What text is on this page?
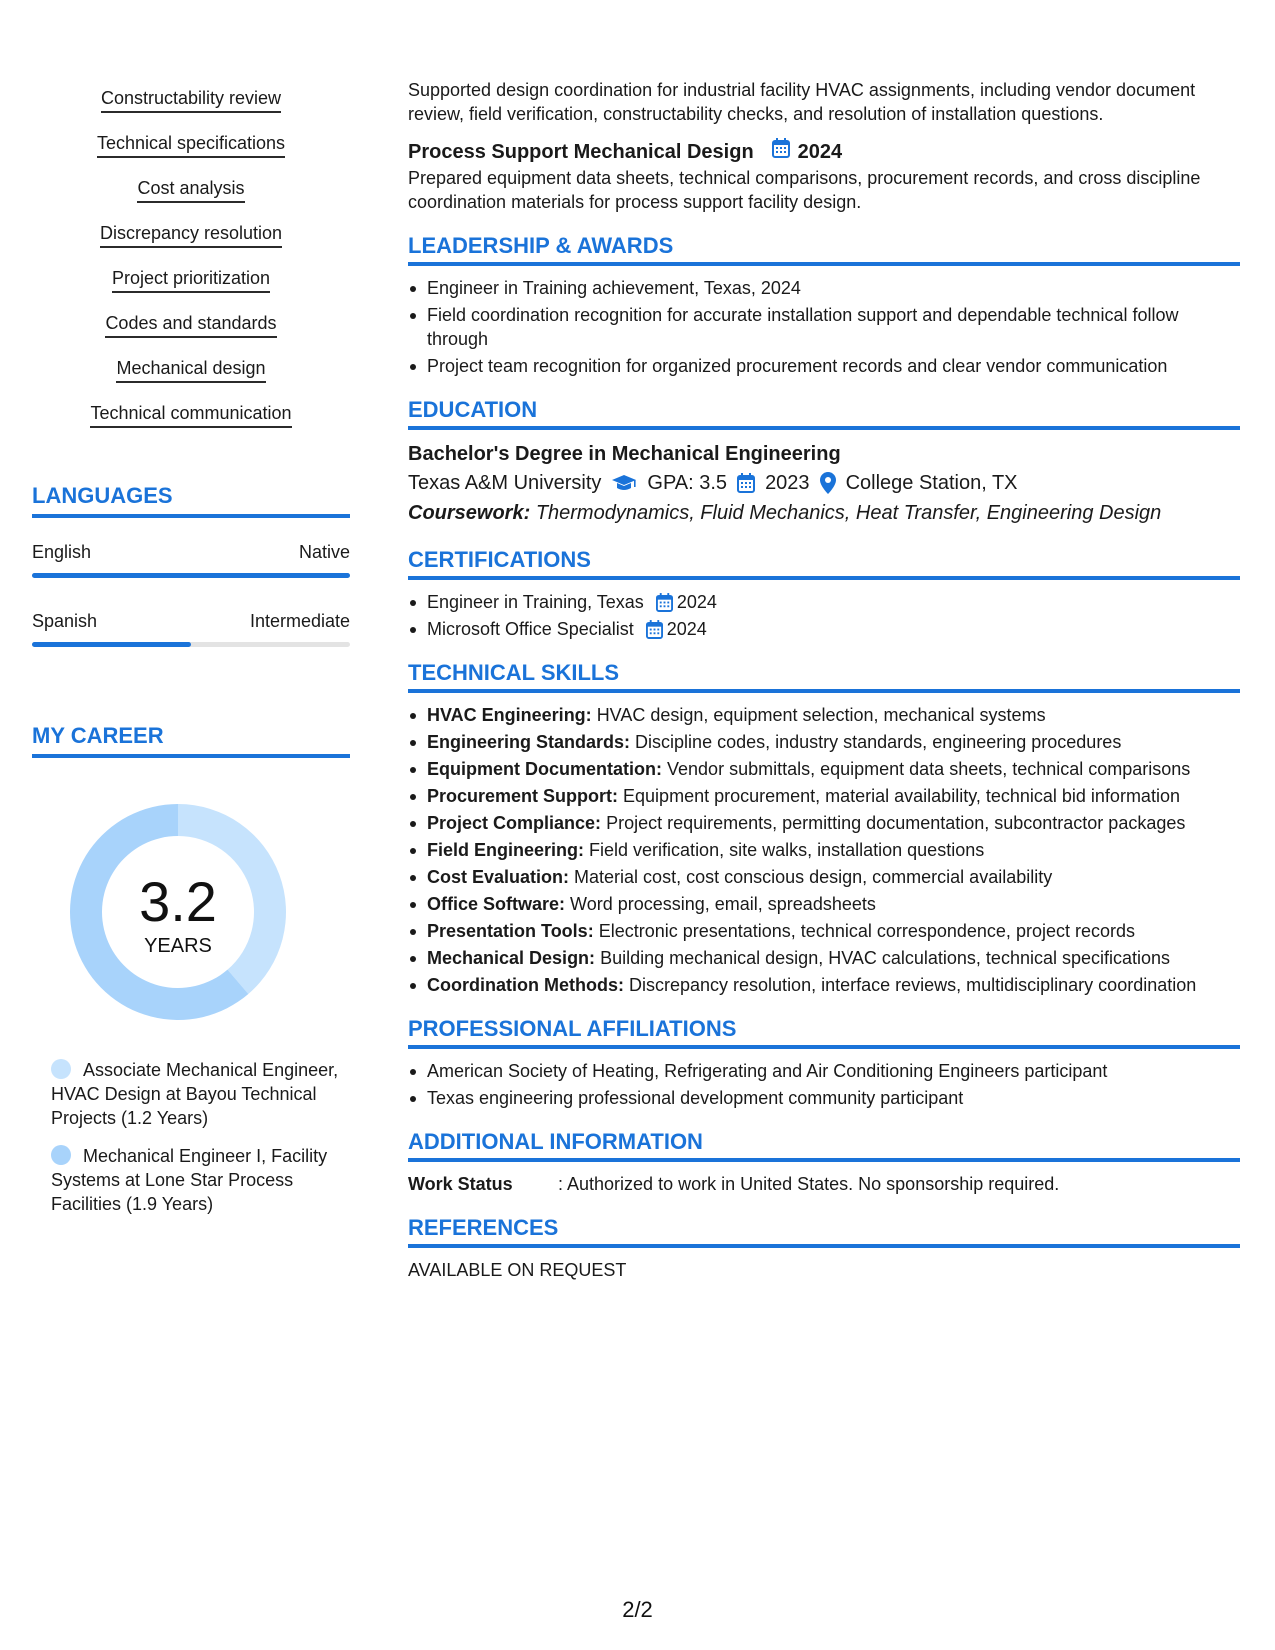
Constructability review
Technical specifications
Cost analysis
Discrepancy resolution
Project prioritization
Codes and standards
Mechanical design
Technical communication
LANGUAGES
English	Native
Spanish	Intermediate
MY CAREER
3.2
YEARS
Associate Mechanical Engineer, HVAC Design at Bayou Technical Projects (1.2 Years)
Mechanical Engineer I, Facility Systems at Lone Star Process Facilities (1.9 Years)

Supported design coordination for industrial facility HVAC assignments, including vendor document review, field verification, constructability checks, and resolution of installation questions.

Process Support Mechanical Design 2024

Prepared equipment data sheets, technical comparisons, procurement records, and cross discipline coordination materials for process support facility design.

LEADERSHIP & AWARDS
Engineer in Training achievement, Texas, 2024
Field coordination recognition for accurate installation support and dependable technical follow through
Project team recognition for organized procurement records and clear vendor communication
EDUCATION
Bachelor's Degree in Mechanical Engineering
Texas A&M University GPA: 3.5 2023 College Station, TX
Coursework: Thermodynamics, Fluid Mechanics, Heat Transfer, Engineering Design
CERTIFICATIONS
Engineer in Training, Texas 2024
Microsoft Office Specialist 2024
TECHNICAL SKILLS
HVAC Engineering: HVAC design, equipment selection, mechanical systems
Engineering Standards: Discipline codes, industry standards, engineering procedures
Equipment Documentation: Vendor submittals, equipment data sheets, technical comparisons
Procurement Support: Equipment procurement, material availability, technical bid information
Project Compliance: Project requirements, permitting documentation, subcontractor packages
Field Engineering: Field verification, site walks, installation questions
Cost Evaluation: Material cost, cost conscious design, commercial availability
Office Software: Word processing, email, spreadsheets
Presentation Tools: Electronic presentations, technical correspondence, project records
Mechanical Design: Building mechanical design, HVAC calculations, technical specifications
Coordination Methods: Discrepancy resolution, interface reviews, multidisciplinary coordination
PROFESSIONAL AFFILIATIONS
American Society of Heating, Refrigerating and Air Conditioning Engineers participant
Texas engineering professional development community participant
ADDITIONAL INFORMATION
Work Status	: Authorized to work in United States. No sponsorship required.
REFERENCES

AVAILABLE ON REQUEST

2/2
